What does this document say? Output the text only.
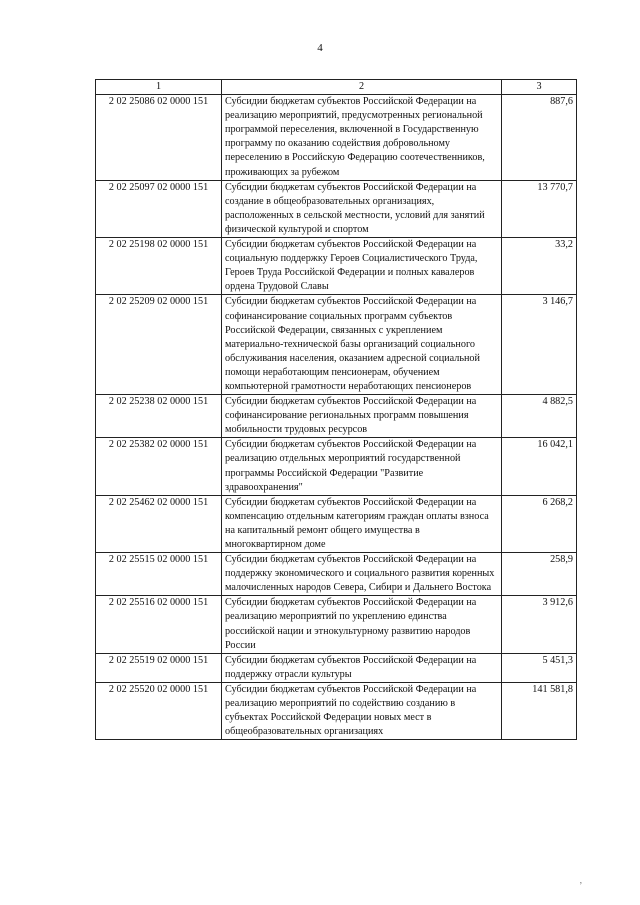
4
1	2	3
2 02 25086 02 0000 151	Субсидии бюджетам субъектов Российской Федерации на реализацию мероприятий, предусмотренных региональной программой переселения, включенной в Государственную программу по оказанию содействия добровольному переселению в Российскую Федерацию соотечественников, проживающих за рубежом	887,6
2 02 25097 02 0000 151	Субсидии бюджетам субъектов Российской Федерации на создание в общеобразовательных организациях, расположенных в сельской местности, условий для занятий физической культурой и спортом	13 770,7
2 02 25198 02 0000 151	Субсидии бюджетам субъектов Российской Федерации на социальную поддержку Героев Социалистического Труда, Героев Труда Российской Федерации и полных кавалеров ордена Трудовой Славы	33,2
2 02 25209 02 0000 151	Субсидии бюджетам субъектов Российской Федерации на софинансирование социальных программ субъектов Российской Федерации, связанных с укреплением материально-технической базы организаций социального обслуживания населения, оказанием адресной социальной помощи неработающим пенсионерам, обучением компьютерной грамотности неработающих пенсионеров	3 146,7
2 02 25238 02 0000 151	Субсидии бюджетам субъектов Российской Федерации на софинансирование региональных программ повышения мобильности трудовых ресурсов	4 882,5
2 02 25382 02 0000 151	Субсидии бюджетам субъектов Российской Федерации на реализацию отдельных мероприятий государственной программы Российской Федерации "Развитие здравоохранения"	16 042,1
2 02 25462 02 0000 151	Субсидии бюджетам субъектов Российской Федерации на компенсацию отдельным категориям граждан оплаты взноса на капитальный ремонт общего имущества в многоквартирном доме	6 268,2
2 02 25515 02 0000 151	Субсидии бюджетам субъектов Российской Федерации на поддержку экономического и социального развития коренных малочисленных народов Севера, Сибири и Дальнего Востока	258,9
2 02 25516 02 0000 151	Субсидии бюджетам субъектов Российской Федерации на реализацию мероприятий по укреплению единства российской нации и этнокультурному развитию народов России	3 912,6
2 02 25519 02 0000 151	Субсидии бюджетам субъектов Российской Федерации на поддержку отрасли культуры	5 451,3
2 02 25520 02 0000 151	Субсидии бюджетам субъектов Российской Федерации на реализацию мероприятий по содействию созданию в субъектах Российской Федерации новых мест в общеобразовательных организациях	141 581,8
,
